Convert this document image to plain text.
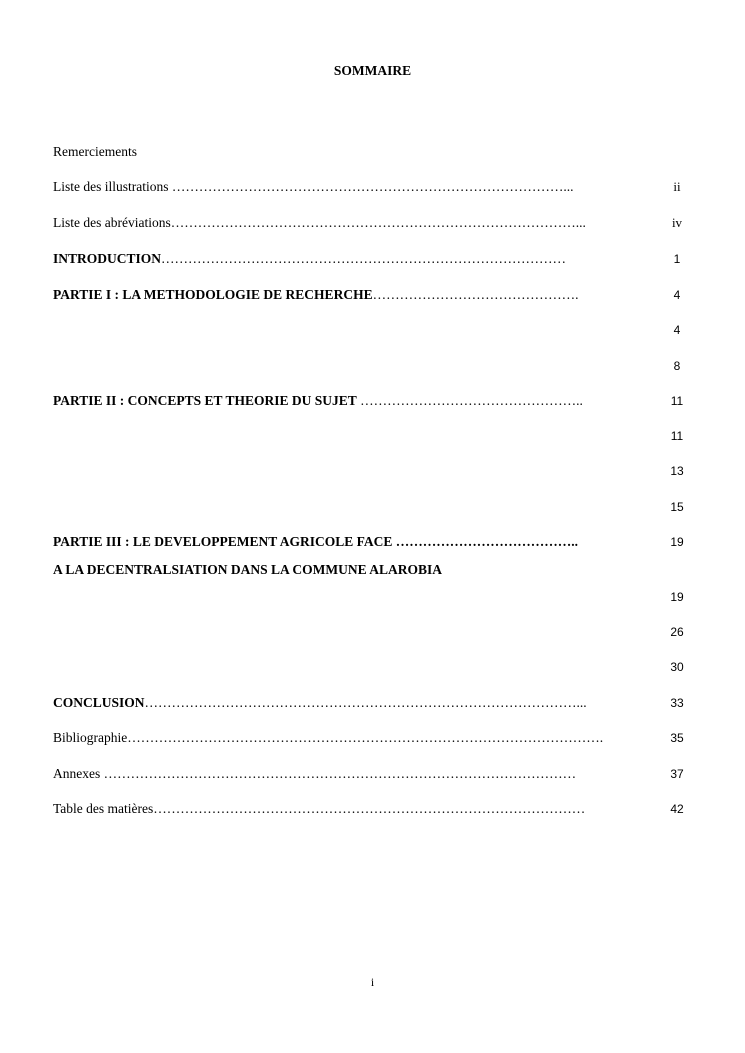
SOMMAIRE
Remerciements
Liste des illustrations ……………………………………………………………………………...	ii
Liste des abréviations………………………………………………………………………………...	iv
INTRODUCTION………………………………………………………………………………	1
PARTIE I : LA METHODOLOGIE DE RECHERCHE……………………………………….	4
4
8
PARTIE II : CONCEPTS ET THEORIE DU SUJET …………………………………………..	11
11
13
15
PARTIE III : LE DEVELOPPEMENT AGRICOLE FACE …………………………………..	19
A LA DECENTRALSIATION DANS LA COMMUNE ALAROBIA
19
26
30
CONCLUSION……………………………………………………………………………………...	33
Bibliographie…………………………………………………………………………………………….	35
Annexes ……………………………………………………………………………………………	37
Table des matières……………………………………………………………………………………	42
i
